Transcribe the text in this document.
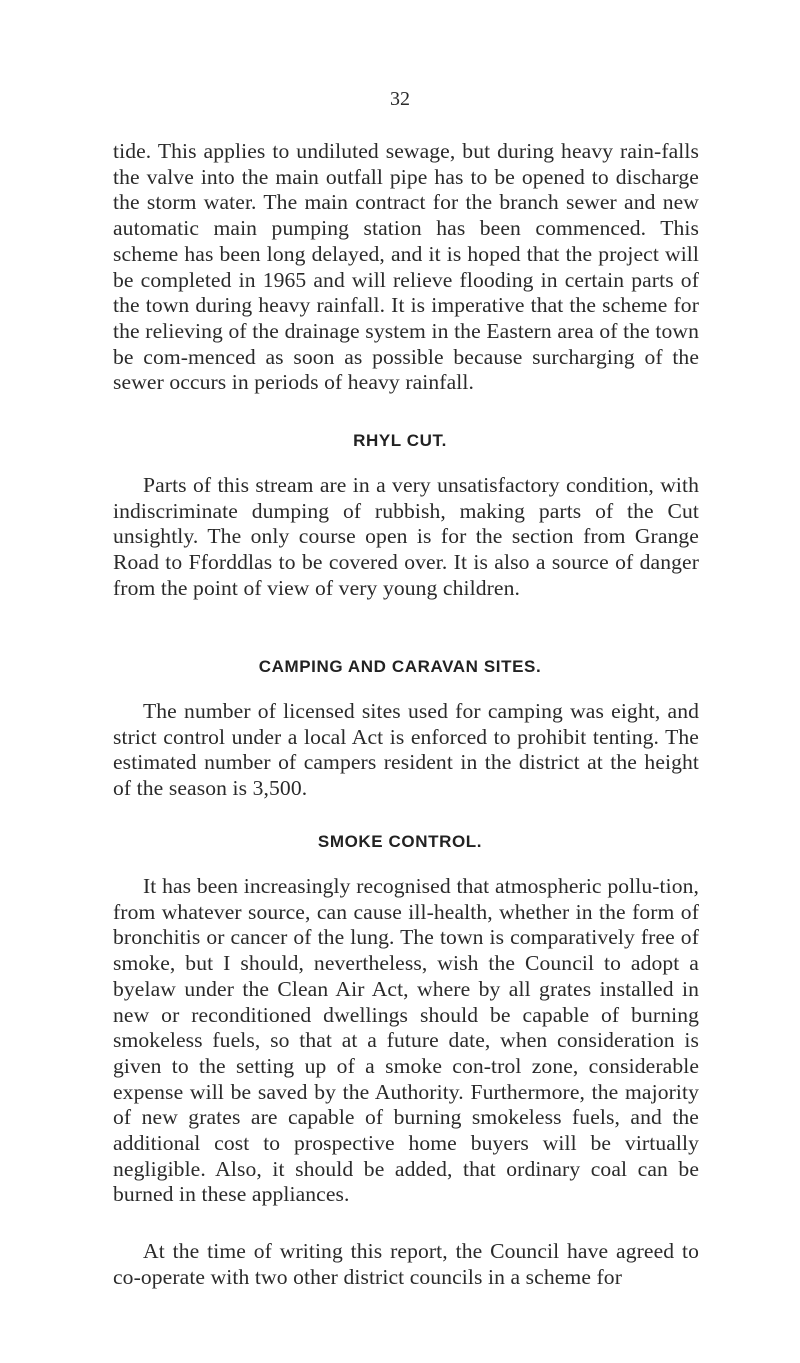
32

tide. This applies to undiluted sewage, but during heavy rain-falls the valve into the main outfall pipe has to be opened to discharge the storm water. The main contract for the branch sewer and new automatic main pumping station has been commenced. This scheme has been long delayed, and it is hoped that the project will be completed in 1965 and will relieve flooding in certain parts of the town during heavy rainfall. It is imperative that the scheme for the relieving of the drainage system in the Eastern area of the town be com-menced as soon as possible because surcharging of the sewer occurs in periods of heavy rainfall.

RHYL CUT.

Parts of this stream are in a very unsatisfactory condition, with indiscriminate dumping of rubbish, making parts of the Cut unsightly. The only course open is for the section from Grange Road to Fforddlas to be covered over. It is also a source of danger from the point of view of very young children.

CAMPING AND CARAVAN SITES.

The number of licensed sites used for camping was eight, and strict control under a local Act is enforced to prohibit tenting. The estimated number of campers resident in the district at the height of the season is 3,500.

SMOKE CONTROL.

It has been increasingly recognised that atmospheric pollu-tion, from whatever source, can cause ill-health, whether in the form of bronchitis or cancer of the lung. The town is comparatively free of smoke, but I should, nevertheless, wish the Council to adopt a byelaw under the Clean Air Act, where by all grates installed in new or reconditioned dwellings should be capable of burning smokeless fuels, so that at a future date, when consideration is given to the setting up of a smoke con-trol zone, considerable expense will be saved by the Authority. Furthermore, the majority of new grates are capable of burning smokeless fuels, and the additional cost to prospective home buyers will be virtually negligible. Also, it should be added, that ordinary coal can be burned in these appliances.

At the time of writing this report, the Council have agreed to co-operate with two other district councils in a scheme for
